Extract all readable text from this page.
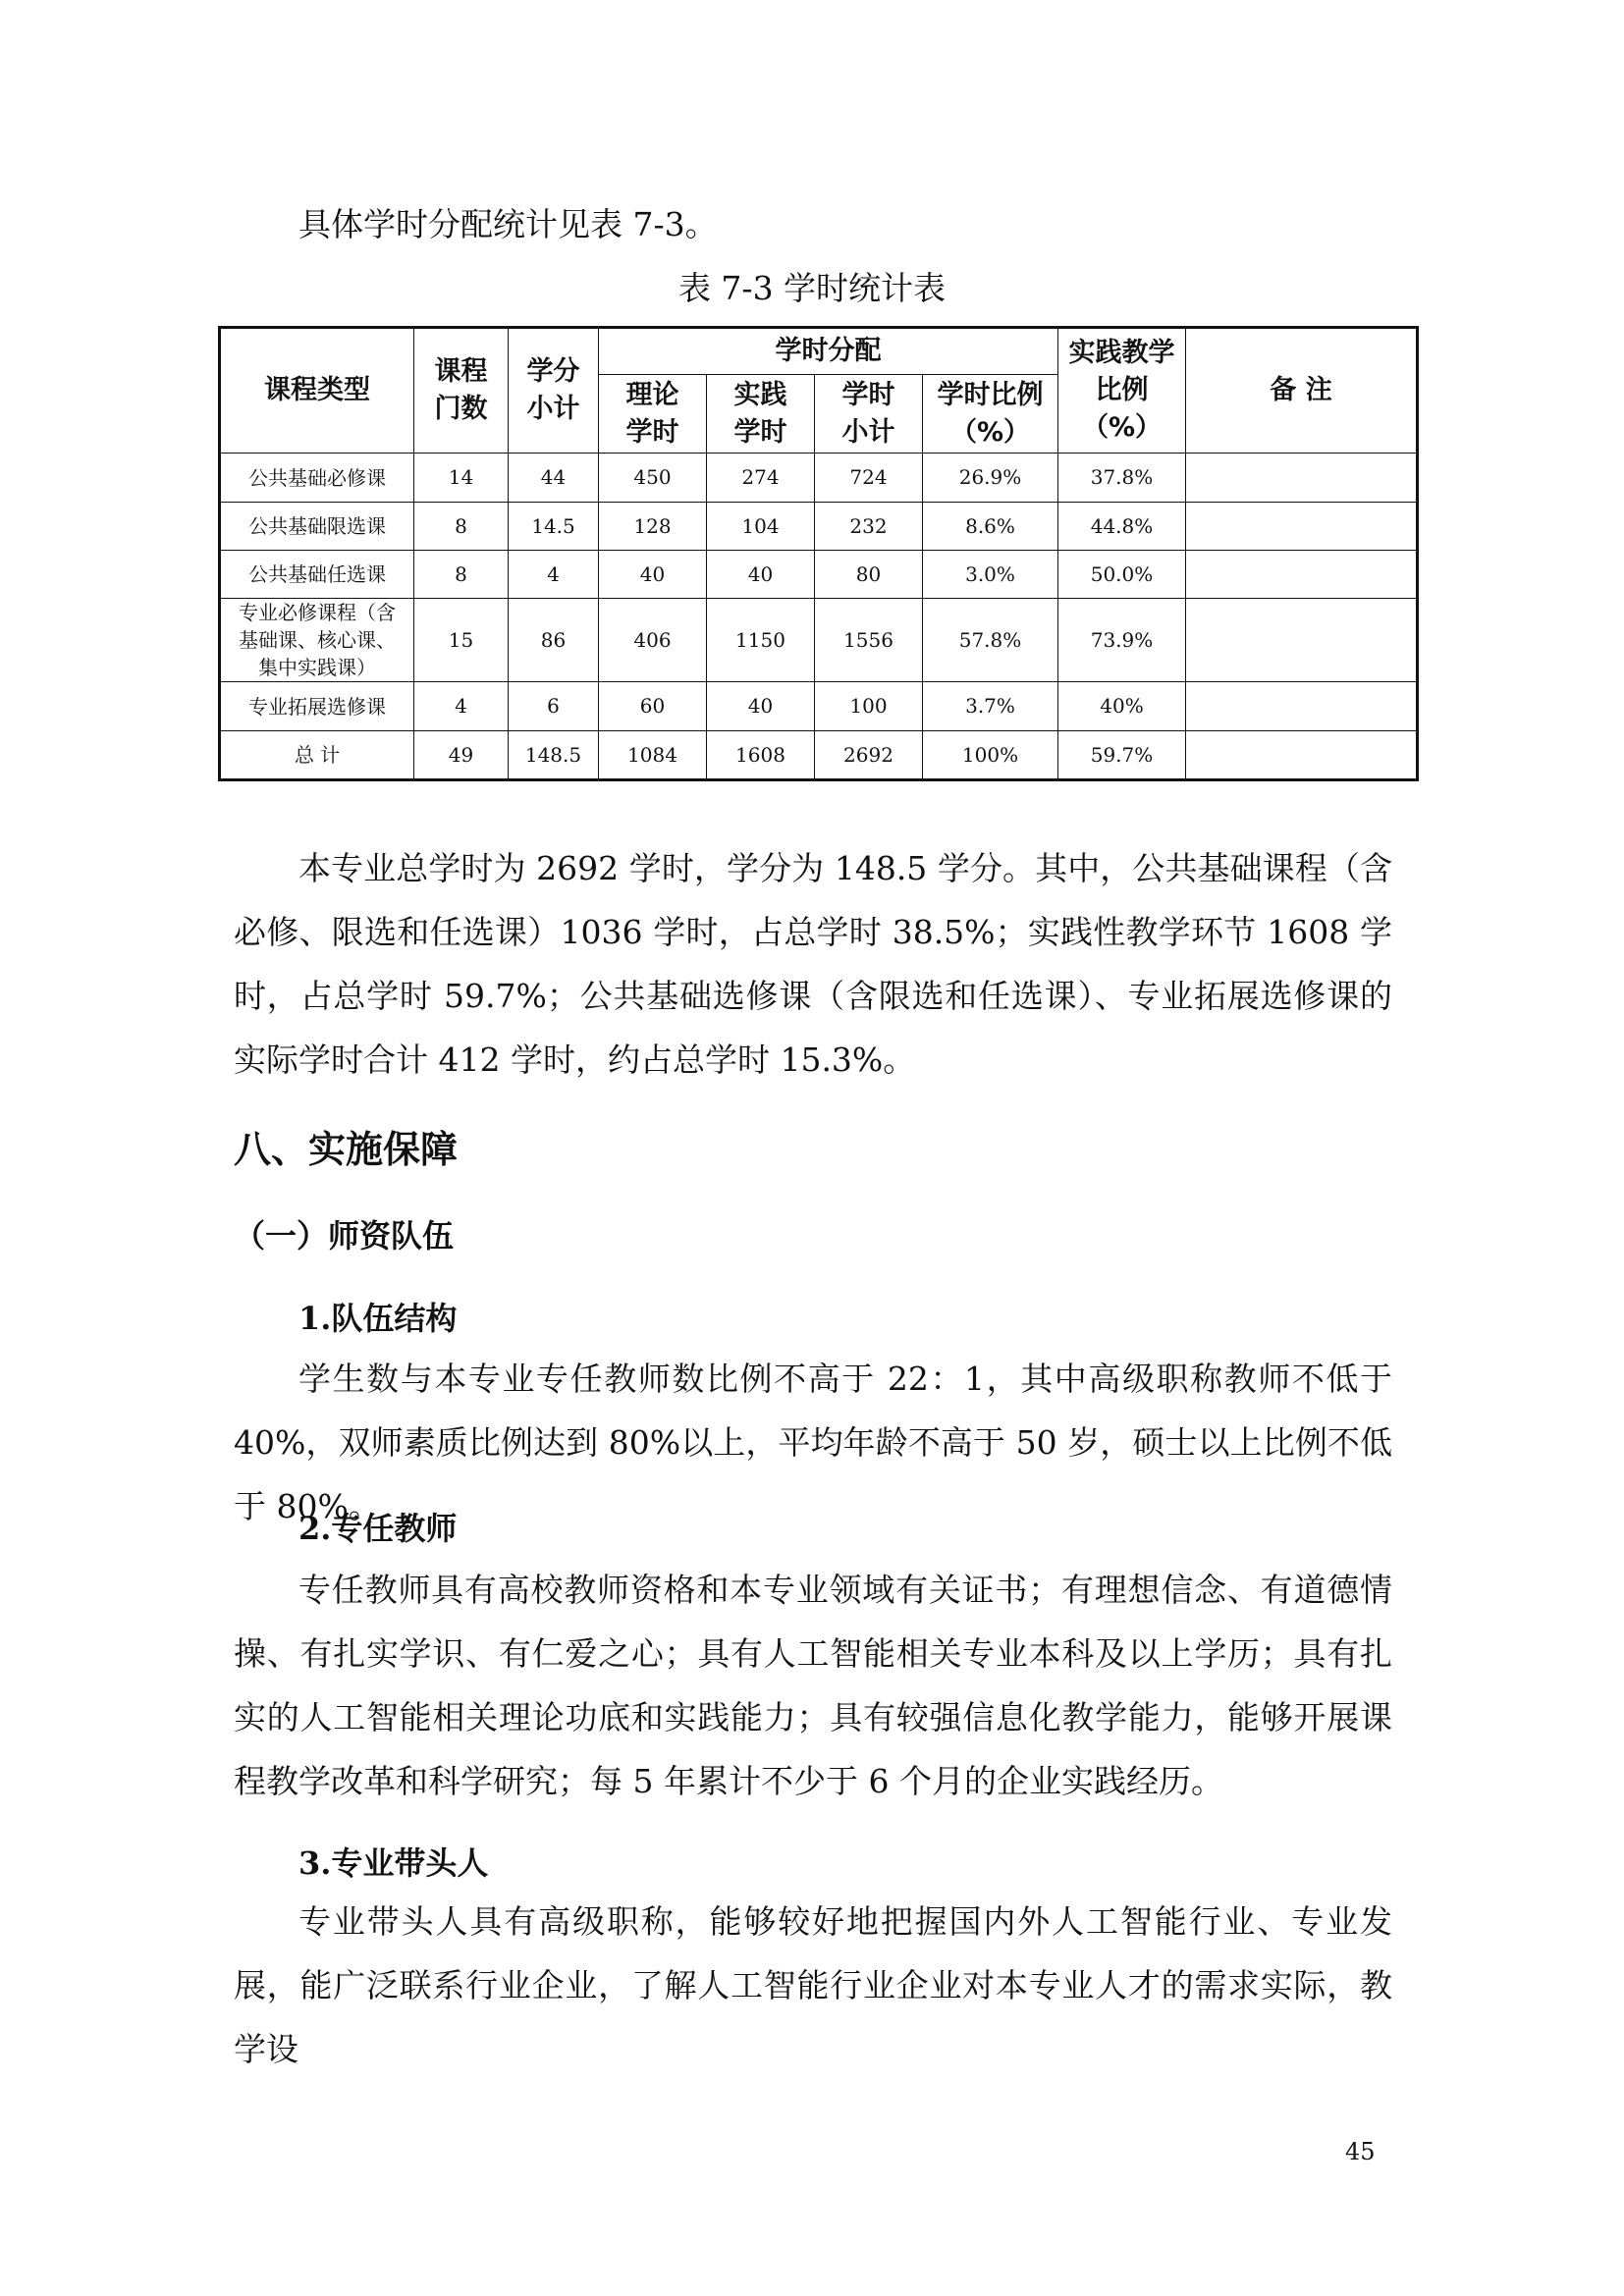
具体学时分配统计见表 7-3。
表 7-3 学时统计表
课程类型	课程门数	学分小计	学时分配				实践教学比例（%）	备 注
			理论学时	实践学时	学时小计	学时比例（%）		
公共基础必修课	14	44	450	274	724	26.9%	37.8%	
公共基础限选课	8	14.5	128	104	232	8.6%	44.8%	
公共基础任选课	8	4	40	40	80	3.0%	50.0%	
专业必修课程（含基础课、核心课、集中实践课）	15	86	406	1150	1556	57.8%	73.9%	
专业拓展选修课	4	6	60	40	100	3.7%	40%	
总 计	49	148.5	1084	1608	2692	100%	59.7%	
本专业总学时为 2692 学时，学分为 148.5 学分。其中，公共基础课程（含必修、限选和任选课）1036 学时，占总学时 38.5%；实践性教学环节 1608 学时，占总学时 59.7%；公共基础选修课（含限选和任选课）、专业拓展选修课的实际学时合计 412 学时，约占总学时 15.3%。
八、实施保障
（一）师资队伍
1.队伍结构
学生数与本专业专任教师数比例不高于 22：1，其中高级职称教师不低于 40%，双师素质比例达到 80%以上，平均年龄不高于 50 岁，硕士以上比例不低于 80%。
2.专任教师
专任教师具有高校教师资格和本专业领域有关证书；有理想信念、有道德情操、有扎实学识、有仁爱之心；具有人工智能相关专业本科及以上学历；具有扎实的人工智能相关理论功底和实践能力；具有较强信息化教学能力，能够开展课程教学改革和科学研究；每 5 年累计不少于 6 个月的企业实践经历。
3.专业带头人
专业带头人具有高级职称，能够较好地把握国内外人工智能行业、专业发展，能广泛联系行业企业，了解人工智能行业企业对本专业人才的需求实际，教学设
45
